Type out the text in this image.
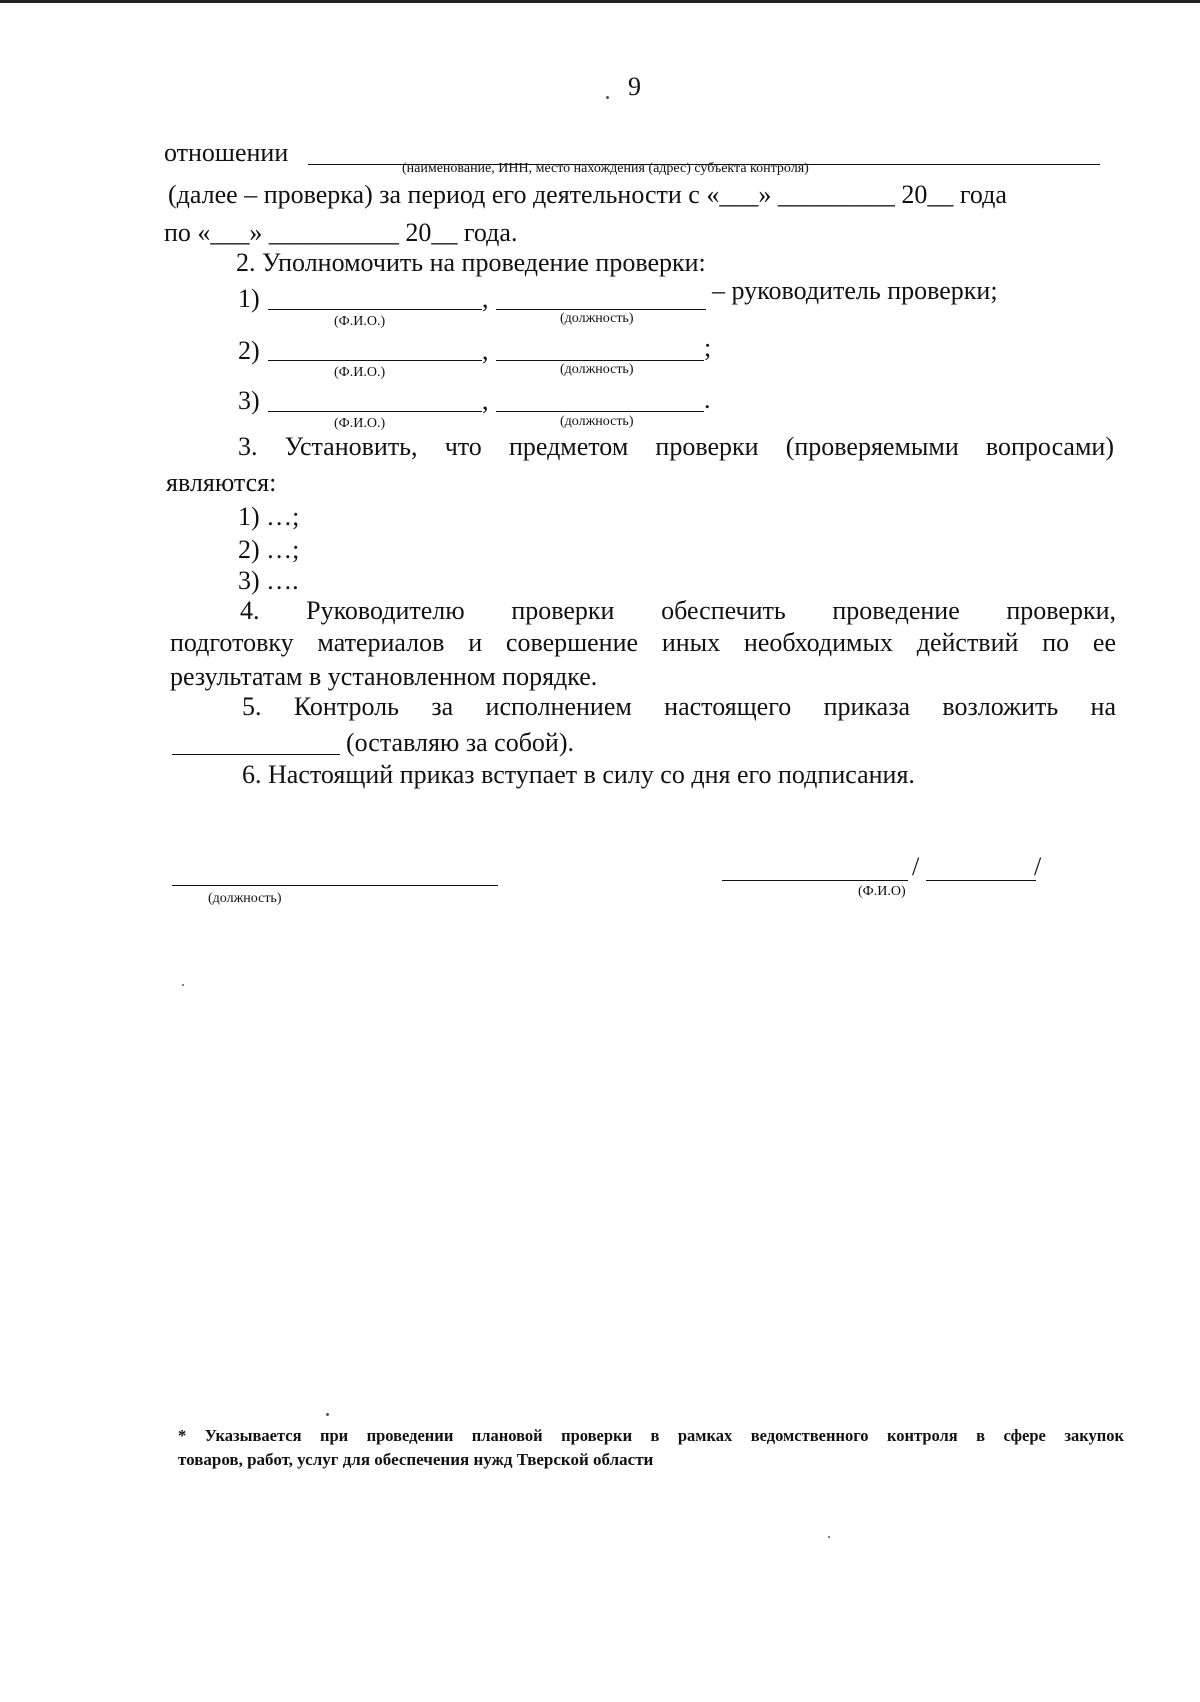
9
отношении
(наименование, ИНН, место нахождения (адрес) субъекта контроля)
(далее – проверка) за период его деятельности с «___» _________ 20__ года
по «___» __________ 20__ года.
2. Уполномочить на проведение проверки:
1)	,	– руководитель проверки;
(Ф.И.О.)	(должность)
2)	,	;
(Ф.И.О.)	(должность)
3)	,	.
(Ф.И.О.)	(должность)
3. Установить, что предметом проверки (проверяемыми вопросами)
являются:
1) …;
2) …;
3) ….
4. Руководителю проверки обеспечить проведение проверки,
подготовку материалов и совершение иных необходимых действий по ее
результатам в установленном порядке.
5. Контроль за исполнением настоящего приказа возложить на
(оставляю за собой).
6. Настоящий приказ вступает в силу со дня его подписания.
(должность)
/	/
(Ф.И.О)
* Указывается при проведении плановой проверки в рамках ведомственного контроля в сфере закупок
товаров, работ, услуг для обеспечения нужд Тверской области
